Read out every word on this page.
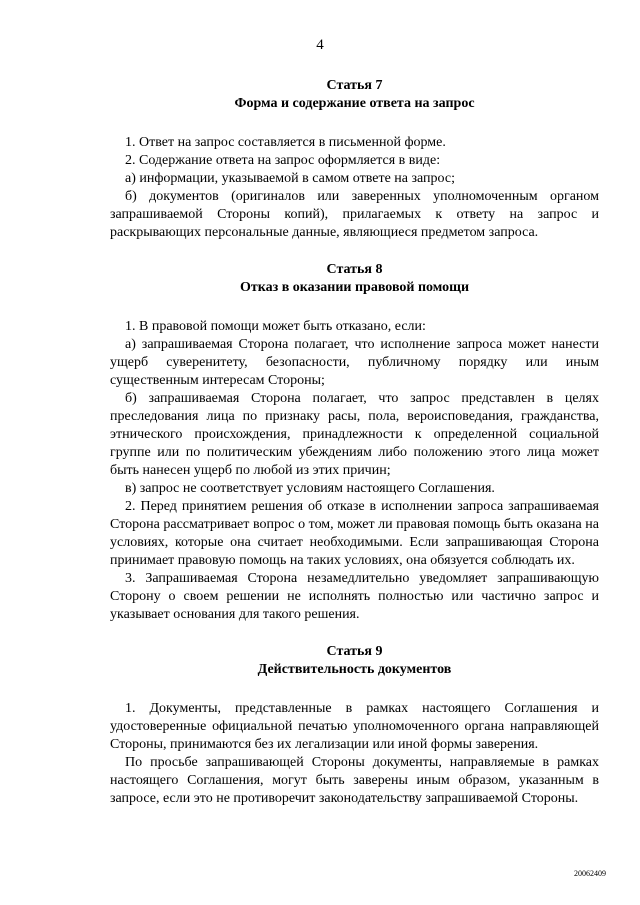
4

Статья 7

Форма и содержание ответа на запрос

1. Ответ на запрос составляется в письменной форме.

2. Содержание ответа на запрос оформляется в виде:

а) информации, указываемой в самом ответе на запрос;

б) документов (оригиналов или заверенных уполномоченным органом запрашиваемой Стороны копий), прилагаемых к ответу на запрос и раскрывающих персональные данные, являющиеся предметом запроса.

Статья 8

Отказ в оказании правовой помощи

1. В правовой помощи может быть отказано, если:

а) запрашиваемая Сторона полагает, что исполнение запроса может нанести ущерб суверенитету, безопасности, публичному порядку или иным существенным интересам Стороны;

б) запрашиваемая Сторона полагает, что запрос представлен в целях преследования лица по признаку расы, пола, вероисповедания, гражданства, этнического происхождения, принадлежности к определенной социальной группе или по политическим убеждениям либо положению этого лица может быть нанесен ущерб по любой из этих причин;

в) запрос не соответствует условиям настоящего Соглашения.

2. Перед принятием решения об отказе в исполнении запроса запрашиваемая Сторона рассматривает вопрос о том, может ли правовая помощь быть оказана на условиях, которые она считает необходимыми. Если запрашивающая Сторона принимает правовую помощь на таких условиях, она обязуется соблюдать их.

3. Запрашиваемая Сторона незамедлительно уведомляет запрашивающую Сторону о своем решении не исполнять полностью или частично запрос и указывает основания для такого решения.

Статья 9

Действительность документов

1. Документы, представленные в рамках настоящего Соглашения и удостоверенные официальной печатью уполномоченного органа направляющей Стороны, принимаются без их легализации или иной формы заверения.

По просьбе запрашивающей Стороны документы, направляемые в рамках настоящего Соглашения, могут быть заверены иным образом, указанным в запросе, если это не противоречит законодательству запрашиваемой Стороны.

20062409
